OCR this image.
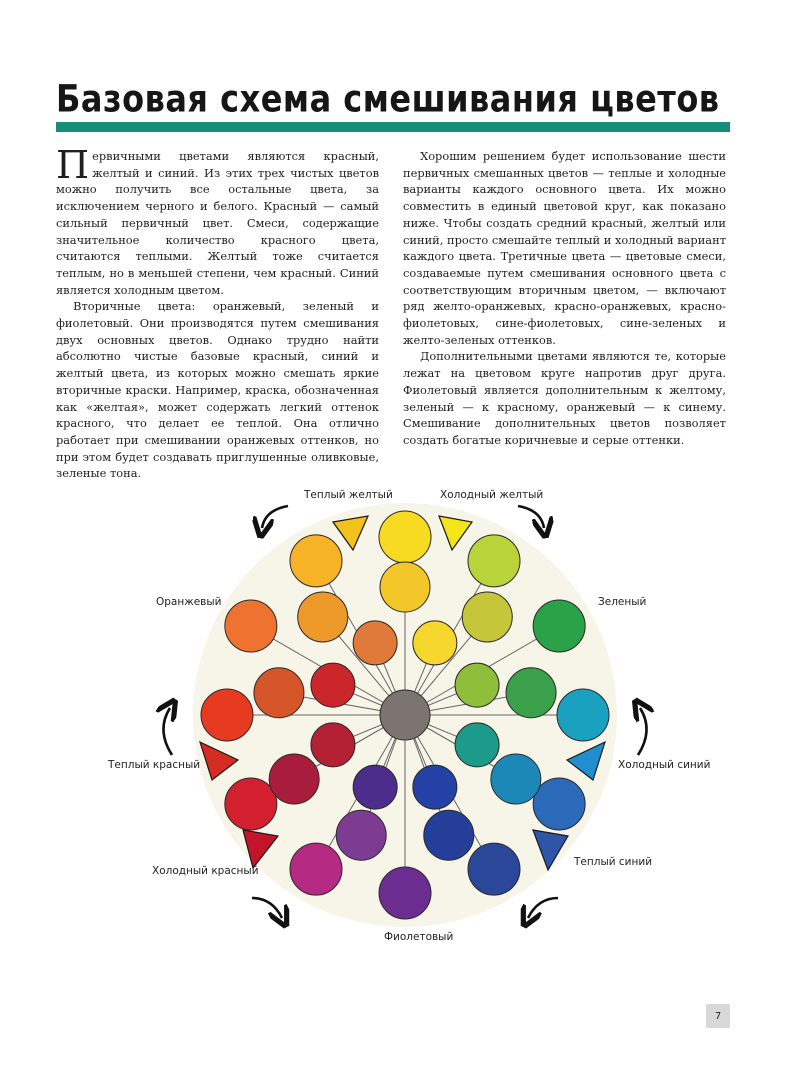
Базовая схема смешивания цветов

Первичными цветами являются красный, желтый и синий. Из этих трех чистых цветов можно получить все остальные цвета, за исключением черного и белого. Красный — самый сильный первичный цвет. Смеси, содержащие значительное количество красного цвета, считаются теплыми. Желтый тоже считается теплым, но в меньшей степени, чем красный. Синий является холодным цветом.

Вторичные цвета: оранжевый, зеленый и фиолетовый. Они производятся путем смешивания двух основных цветов. Однако трудно найти абсолютно чистые базовые красный, синий и желтый цвета, из которых можно смешать яркие вторичные краски. Например, краска, обозначенная как «желтая», может содержать легкий оттенок красного, что делает ее теплой. Она отлично работает при смешивании оранжевых оттенков, но при этом будет создавать приглушенные оливковые, зеленые тона.

Хорошим решением будет использование шести первичных смешанных цветов — теплые и холодные варианты каждого основного цвета. Их можно совместить в единый цветовой круг, как показано ниже. Чтобы создать средний красный, желтый или синий, просто смешайте теплый и холодный вариант каждого цвета. Третичные цвета — цветовые смеси, создаваемые путем смешивания основного цвета с соответствующим вторичным цветом, — включают ряд желто-оранжевых, красно-оранжевых, красно-фиолетовых, сине-фиолетовых, сине-зеленых и желто-зеленых оттенков.

Дополнительными цветами являются те, которые лежат на цветовом круге напротив друг друга. Фиолетовый является дополнительным к желтому, зеленый — к красному, оранжевый — к синему. Смешивание дополнительных цветов позволяет создать богатые коричневые и серые оттенки.

Теплый желтый	Холодный желтый
Оранжевый	Зеленый
Теплый красный	Холодный синий
Холодный красный
Теплый синий
Фиолетовый
7
